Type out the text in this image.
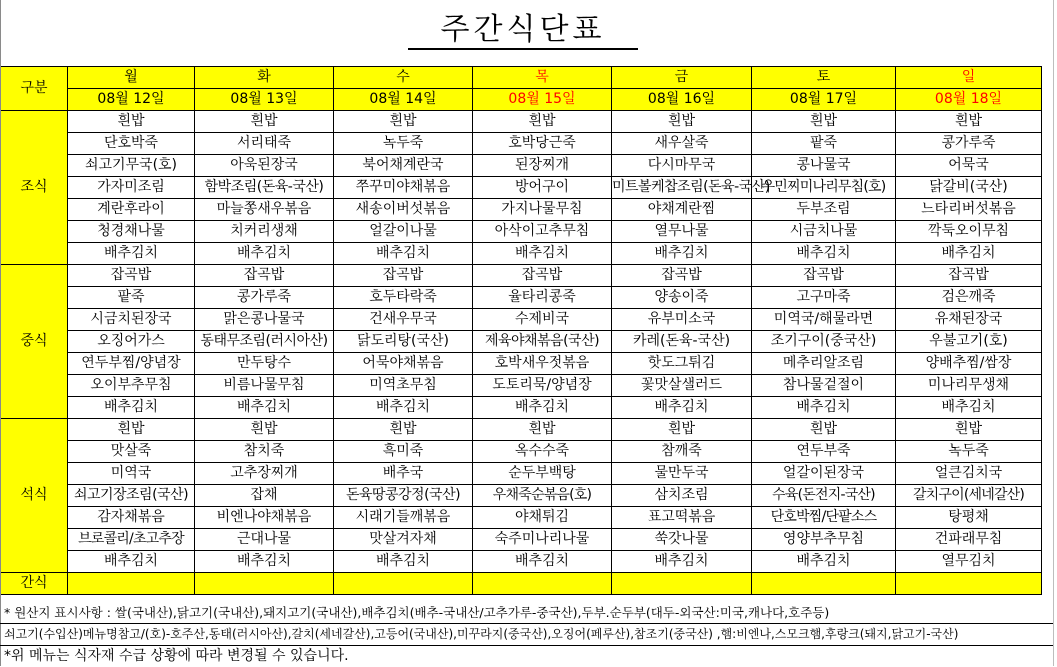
주간식단표
구분	월	화	수	목	금	토	일
	08월 12일	08월 13일	08월 14일	08월 15일	08월 16일	08월 17일	08월 18일
조식	흰밥	흰밥	흰밥	흰밥	흰밥	흰밥	흰밥
	단호박죽	서리태죽	녹두죽	호박당근죽	새우살죽	팥죽	콩가루죽
	쇠고기무국(호)	아욱된장국	북어채계란국	된장찌개	다시마무국	콩나물국	어묵국
	가자미조림	함박조림(돈육-국산)	쭈꾸미야채볶음	방어구이	미트볼케찹조림(돈육-국산)	우민찌미나리무침(호)	닭갈비(국산)
	계란후라이	마늘쫑새우볶음	새송이버섯볶음	가지나물무침	야채계란찜	두부조림	느타리버섯볶음
	청경채나물	치커리생채	얼갈이나물	아삭이고추무침	열무나물	시금치나물	깍둑오이무침
	배추김치	배추김치	배추김치	배추김치	배추김치	배추김치	배추김치
중식	잡곡밥	잡곡밥	잡곡밥	잡곡밥	잡곡밥	잡곡밥	잡곡밥
	팥죽	콩가루죽	호두타락죽	율타리콩죽	양송이죽	고구마죽	검은깨죽
	시금치된장국	맑은콩나물국	건새우무국	수제비국	유부미소국	미역국/해물라면	유채된장국
	오징어가스	동태무조림(러시아산)	닭도리탕(국산)	제육야채볶음(국산)	카레(돈육-국산)	조기구이(중국산)	우불고기(호)
	연두부찜/양념장	만두탕수	어묵야채볶음	호박새우젓볶음	핫도그튀김	메추리알조림	양배추찜/쌈장
	오이부추무침	비름나물무침	미역초무침	도토리묵/양념장	꽃맛살샐러드	참나물겉절이	미나리무생채
	배추김치	배추김치	배추김치	배추김치	배추김치	배추김치	배추김치
석식	흰밥	흰밥	흰밥	흰밥	흰밥	흰밥	흰밥
	맛살죽	참치죽	흑미죽	옥수수죽	참깨죽	연두부죽	녹두죽
	미역국	고추장찌개	배추국	순두부백탕	물만두국	얼갈이된장국	얼큰김치국
	쇠고기장조림(국산)	잡채	돈육땅콩강정(국산)	우채죽순볶음(호)	삼치조림	수육(돈전지-국산)	갈치구이(세네갈산)
	감자채볶음	비엔나야채볶음	시래기들깨볶음	야채튀김	표고떡볶음	단호박찜/단팥소스	탕평채
	브로콜리/초고추장	근대나물	맛살겨자채	숙주미나리나물	쑥갓나물	영양부추무침	건파래무침
	배추김치	배추김치	배추김치	배추김치	배추김치	배추김치	열무김치
간식							
* 원산지 표시사항 : 쌀(국내산),닭고기(국내산),돼지고기(국내산),배추김치(배추-국내산/고추가루-중국산),두부.순두부(대두-외국산:미국,캐나다,호주등)
쇠고기(수입산)메뉴명참고/(호)-호주산,동태(러시아산),갈치(세네갈산),고등어(국내산),미꾸라지(중국산),오징어(페루산),참조기(중국산) ,햄:비엔나,스모크햄,후랑크(돼지,닭고기-국산)
*위 메뉴는 식자재 수급 상황에 따라 변경될 수 있습니다.
